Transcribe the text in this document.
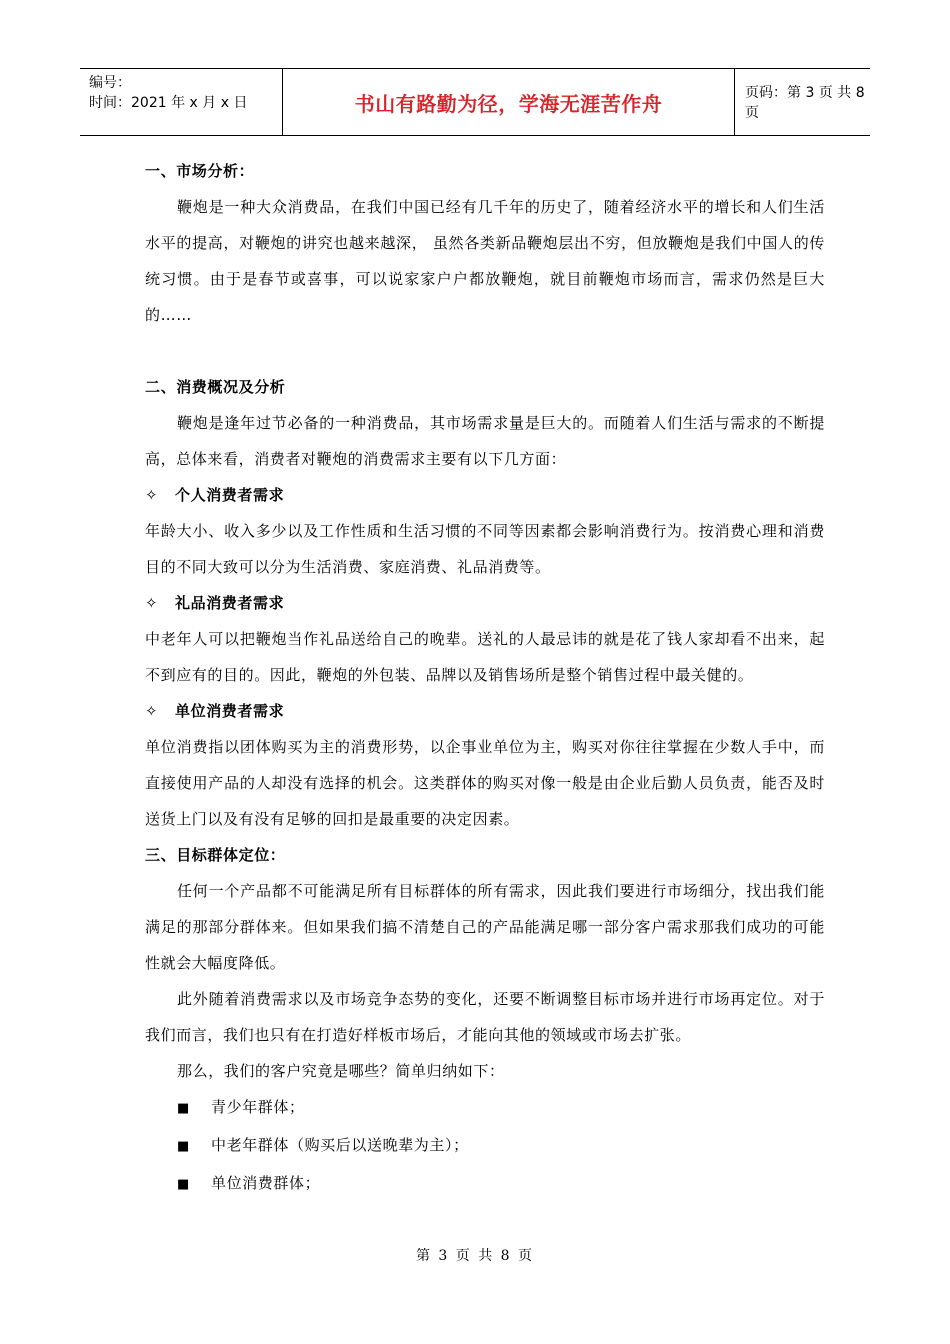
编号：
时间：2021 年 x 月 x 日	书山有路勤为径，学海无涯苦作舟	页码：第 3 页 共 8 页

一、市场分析：

鞭炮是一种大众消费品，在我们中国已经有几千年的历史了，随着经济水平的增长和人们生活水平的提高，对鞭炮的讲究也越来越深， 虽然各类新品鞭炮层出不穷，但放鞭炮是我们中国人的传统习惯。由于是春节或喜事，可以说家家户户都放鞭炮，就目前鞭炮市场而言，需求仍然是巨大的……

二、消费概况及分析

鞭炮是逢年过节必备的一种消费品，其市场需求量是巨大的。而随着人们生活与需求的不断提高，总体来看，消费者对鞭炮的消费需求主要有以下几方面：

✧ 个人消费者需求

年龄大小、收入多少以及工作性质和生活习惯的不同等因素都会影响消费行为。按消费心理和消费目的不同大致可以分为生活消费、家庭消费、礼品消费等。

✧ 礼品消费者需求

中老年人可以把鞭炮当作礼品送给自己的晚辈。送礼的人最忌讳的就是花了钱人家却看不出来，起不到应有的目的。因此，鞭炮的外包装、品牌以及销售场所是整个销售过程中最关健的。

✧ 单位消费者需求

单位消费指以团体购买为主的消费形势，以企事业单位为主，购买对你往往掌握在少数人手中，而直接使用产品的人却没有选择的机会。这类群体的购买对像一般是由企业后勤人员负责，能否及时送货上门以及有没有足够的回扣是最重要的决定因素。

三、目标群体定位：

任何一个产品都不可能满足所有目标群体的所有需求，因此我们要进行市场细分，找出我们能满足的那部分群体来。但如果我们搞不清楚自己的产品能满足哪一部分客户需求那我们成功的可能性就会大幅度降低。

此外随着消费需求以及市场竞争态势的变化，还要不断调整目标市场并进行市场再定位。对于我们而言，我们也只有在打造好样板市场后，才能向其他的领域或市场去扩张。

那么，我们的客户究竟是哪些？简单归纳如下：

■ 青少年群体；

■ 中老年群体（购买后以送晚辈为主）；

■ 单位消费群体；

第 3 页 共 8 页
